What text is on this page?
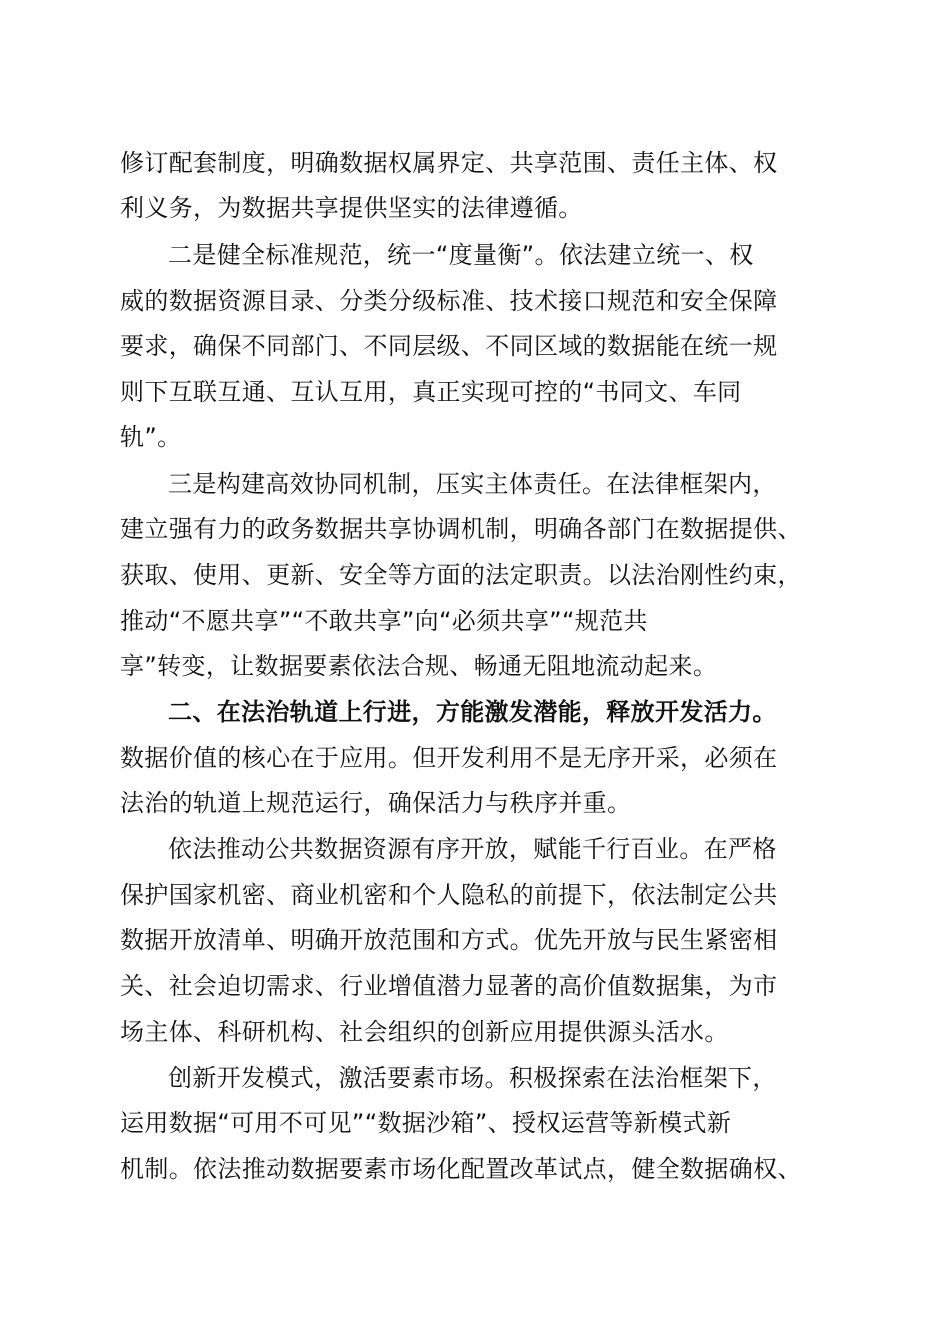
修订配套制度，明确数据权属界定、共享范围、责任主体、权
利义务，为数据共享提供坚实的法律遵循。
二是健全标准规范，统一“度量衡”。依法建立统一、权
威的数据资源目录、分类分级标准、技术接口规范和安全保障
要求，确保不同部门、不同层级、不同区域的数据能在统一规
则下互联互通、互认互用，真正实现可控的“书同文、车同
轨”。
三是构建高效协同机制，压实主体责任。在法律框架内，
建立强有力的政务数据共享协调机制，明确各部门在数据提供、
获取、使用、更新、安全等方面的法定职责。以法治刚性约束，
推动“不愿共享”“不敢共享”向“必须共享”“规范共
享”转变，让数据要素依法合规、畅通无阻地流动起来。
二、在法治轨道上行进，方能激发潜能，释放开发活力。
数据价值的核心在于应用。但开发利用不是无序开采，必须在
法治的轨道上规范运行，确保活力与秩序并重。
依法推动公共数据资源有序开放，赋能千行百业。在严格
保护国家机密、商业机密和个人隐私的前提下，依法制定公共
数据开放清单、明确开放范围和方式。优先开放与民生紧密相
关、社会迫切需求、行业增值潜力显著的高价值数据集，为市
场主体、科研机构、社会组织的创新应用提供源头活水。
创新开发模式，激活要素市场。积极探索在法治框架下，
运用数据“可用不可见”“数据沙箱”、授权运营等新模式新
机制。依法推动数据要素市场化配置改革试点，健全数据确权、
